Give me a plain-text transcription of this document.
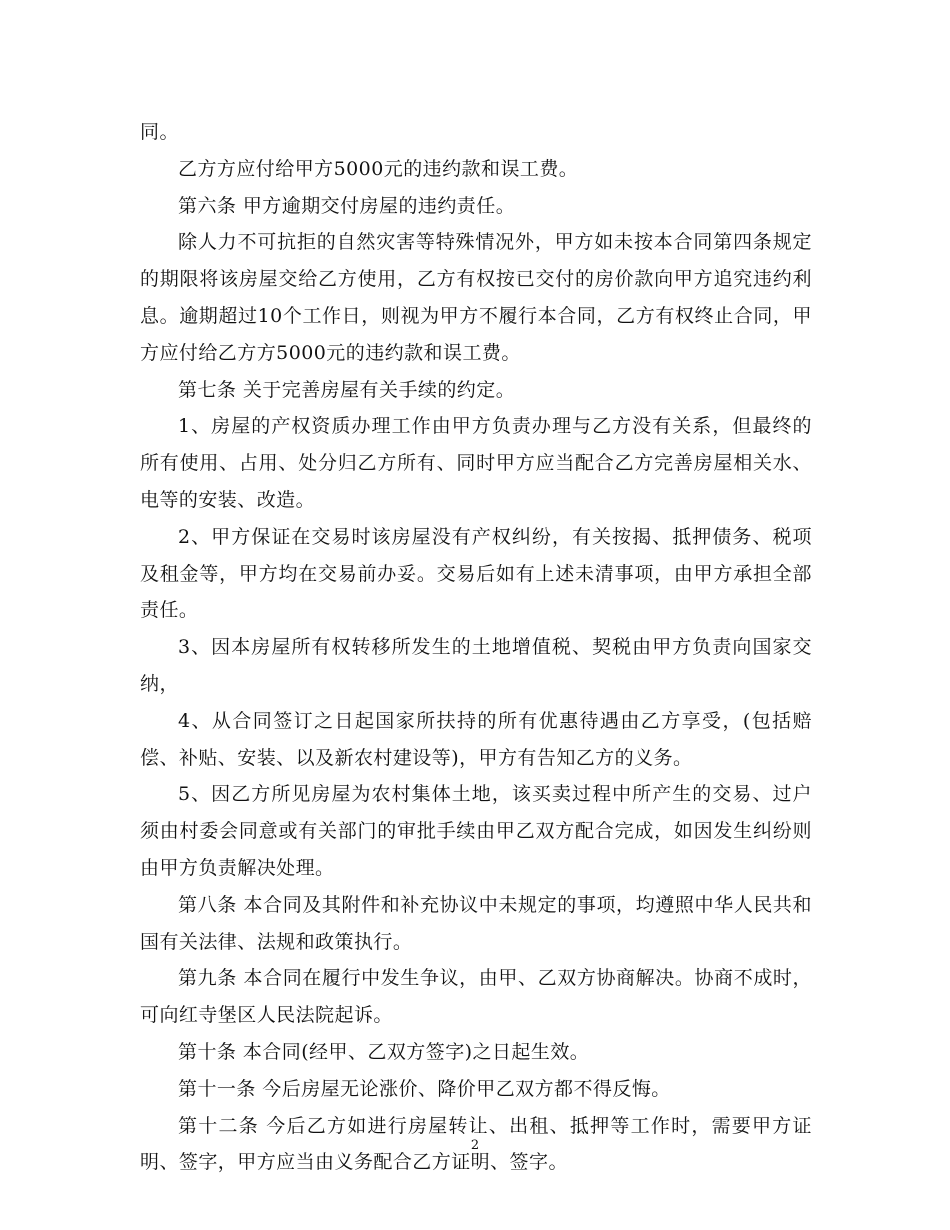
同。

乙方方应付给甲方5000元的违约款和误工费。

第六条 甲方逾期交付房屋的违约责任。

除人力不可抗拒的自然灾害等特殊情况外，甲方如未按本合同第四条规定的期限将该房屋交给乙方使用，乙方有权按已交付的房价款向甲方追究违约利息。逾期超过10个工作日，则视为甲方不履行本合同，乙方有权终止合同，甲方应付给乙方方5000元的违约款和误工费。

第七条 关于完善房屋有关手续的约定。

1、房屋的产权资质办理工作由甲方负责办理与乙方没有关系，但最终的所有使用、占用、处分归乙方所有、同时甲方应当配合乙方完善房屋相关水、电等的安装、改造。

2、甲方保证在交易时该房屋没有产权纠纷，有关按揭、抵押债务、税项及租金等，甲方均在交易前办妥。交易后如有上述未清事项，由甲方承担全部责任。

3、因本房屋所有权转移所发生的土地增值税、契税由甲方负责向国家交纳，

4、从合同签订之日起国家所扶持的所有优惠待遇由乙方享受，(包括赔偿、补贴、安装、以及新农村建设等)，甲方有告知乙方的义务。

5、因乙方所见房屋为农村集体土地，该买卖过程中所产生的交易、过户须由村委会同意或有关部门的审批手续由甲乙双方配合完成，如因发生纠纷则由甲方负责解决处理。

第八条 本合同及其附件和补充协议中未规定的事项，均遵照中华人民共和国有关法律、法规和政策执行。

第九条 本合同在履行中发生争议，由甲、乙双方协商解决。协商不成时，可向红寺堡区人民法院起诉。

第十条 本合同(经甲、乙双方签字)之日起生效。

第十一条 今后房屋无论涨价、降价甲乙双方都不得反悔。

第十二条 今后乙方如进行房屋转让、出租、抵押等工作时，需要甲方证明、签字，甲方应当由义务配合乙方证明、签字。

2
